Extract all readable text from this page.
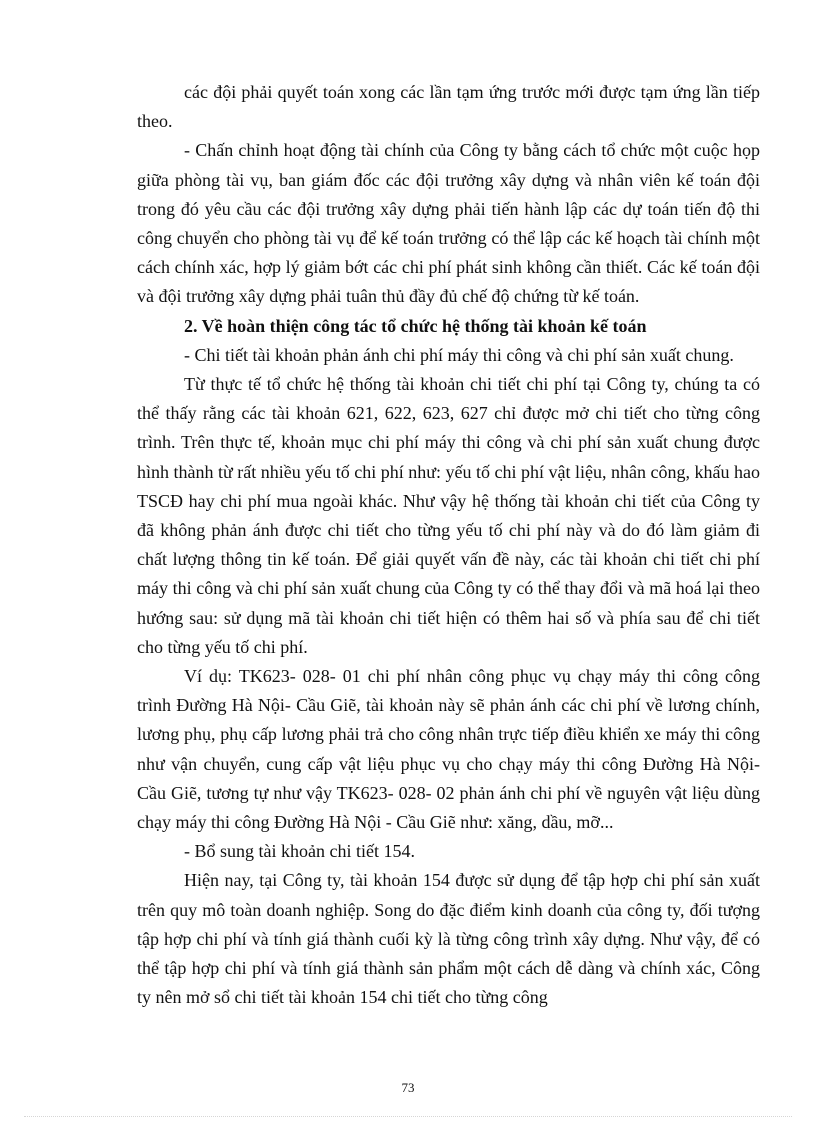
các đội phải quyết toán xong các lần tạm ứng trước mới được tạm ứng lần tiếp theo.

- Chấn chỉnh hoạt động tài chính của Công ty bằng cách tổ chức một cuộc họp giữa phòng tài vụ, ban giám đốc các đội trưởng xây dựng và nhân viên kế toán đội trong đó yêu cầu các đội trưởng xây dựng phải tiến hành lập các dự toán tiến độ thi công chuyển cho phòng tài vụ để kế toán trưởng có thể lập các kế hoạch tài chính một cách chính xác, hợp lý giảm bớt các chi phí phát sinh không cần thiết. Các kế toán đội và đội trưởng xây dựng phải tuân thủ đầy đủ chế độ chứng từ kế toán.

2. Về hoàn thiện công tác tổ chức hệ thống tài khoản kế toán

- Chi tiết tài khoản phản ánh chi phí máy thi công và chi phí sản xuất chung.

Từ thực tế tổ chức hệ thống tài khoản chi tiết chi phí tại Công ty, chúng ta có thể thấy rằng các tài khoản 621, 622, 623, 627 chỉ được mở chi tiết cho từng công trình. Trên thực tế, khoản mục chi phí máy thi công và chi phí sản xuất chung được hình thành từ rất nhiều yếu tố chi phí như: yếu tố chi phí vật liệu, nhân công, khấu hao TSCĐ hay chi phí mua ngoài khác. Như vậy hệ thống tài khoản chi tiết của Công ty đã không phản ánh được chi tiết cho từng yếu tố chi phí này và do đó làm giảm đi chất lượng thông tin kế toán. Để giải quyết vấn đề này, các tài khoản chi tiết chi phí máy thi công và chi phí sản xuất chung của Công ty có thể thay đổi và mã hoá lại theo hướng sau: sử dụng mã tài khoản chi tiết hiện có thêm hai số và phía sau để chi tiết cho từng yếu tố chi phí.

Ví dụ: TK623- 028- 01 chi phí nhân công phục vụ chạy máy thi công công trình Đường Hà Nội- Cầu Giẽ, tài khoản này sẽ phản ánh các chi phí về lương chính, lương phụ, phụ cấp lương phải trả cho công nhân trực tiếp điều khiển xe máy thi công như vận chuyển, cung cấp vật liệu phục vụ cho chạy máy thi công Đường Hà Nội- Cầu Giẽ, tương tự như vậy TK623- 028- 02 phản ánh chi phí về nguyên vật liệu dùng chạy máy thi công Đường Hà Nội - Cầu Giẽ như: xăng, dầu, mỡ...

- Bổ sung tài khoản chi tiết 154.

Hiện nay, tại Công ty, tài khoản 154 được sử dụng để tập hợp chi phí sản xuất trên quy mô toàn doanh nghiệp. Song do đặc điểm kinh doanh của công ty, đối tượng tập hợp chi phí và tính giá thành cuối kỳ là từng công trình xây dựng. Như vậy, để có thể tập hợp chi phí và tính giá thành sản phẩm một cách dễ dàng và chính xác, Công ty nên mở sổ chi tiết tài khoản 154 chi tiết cho từng công

73
